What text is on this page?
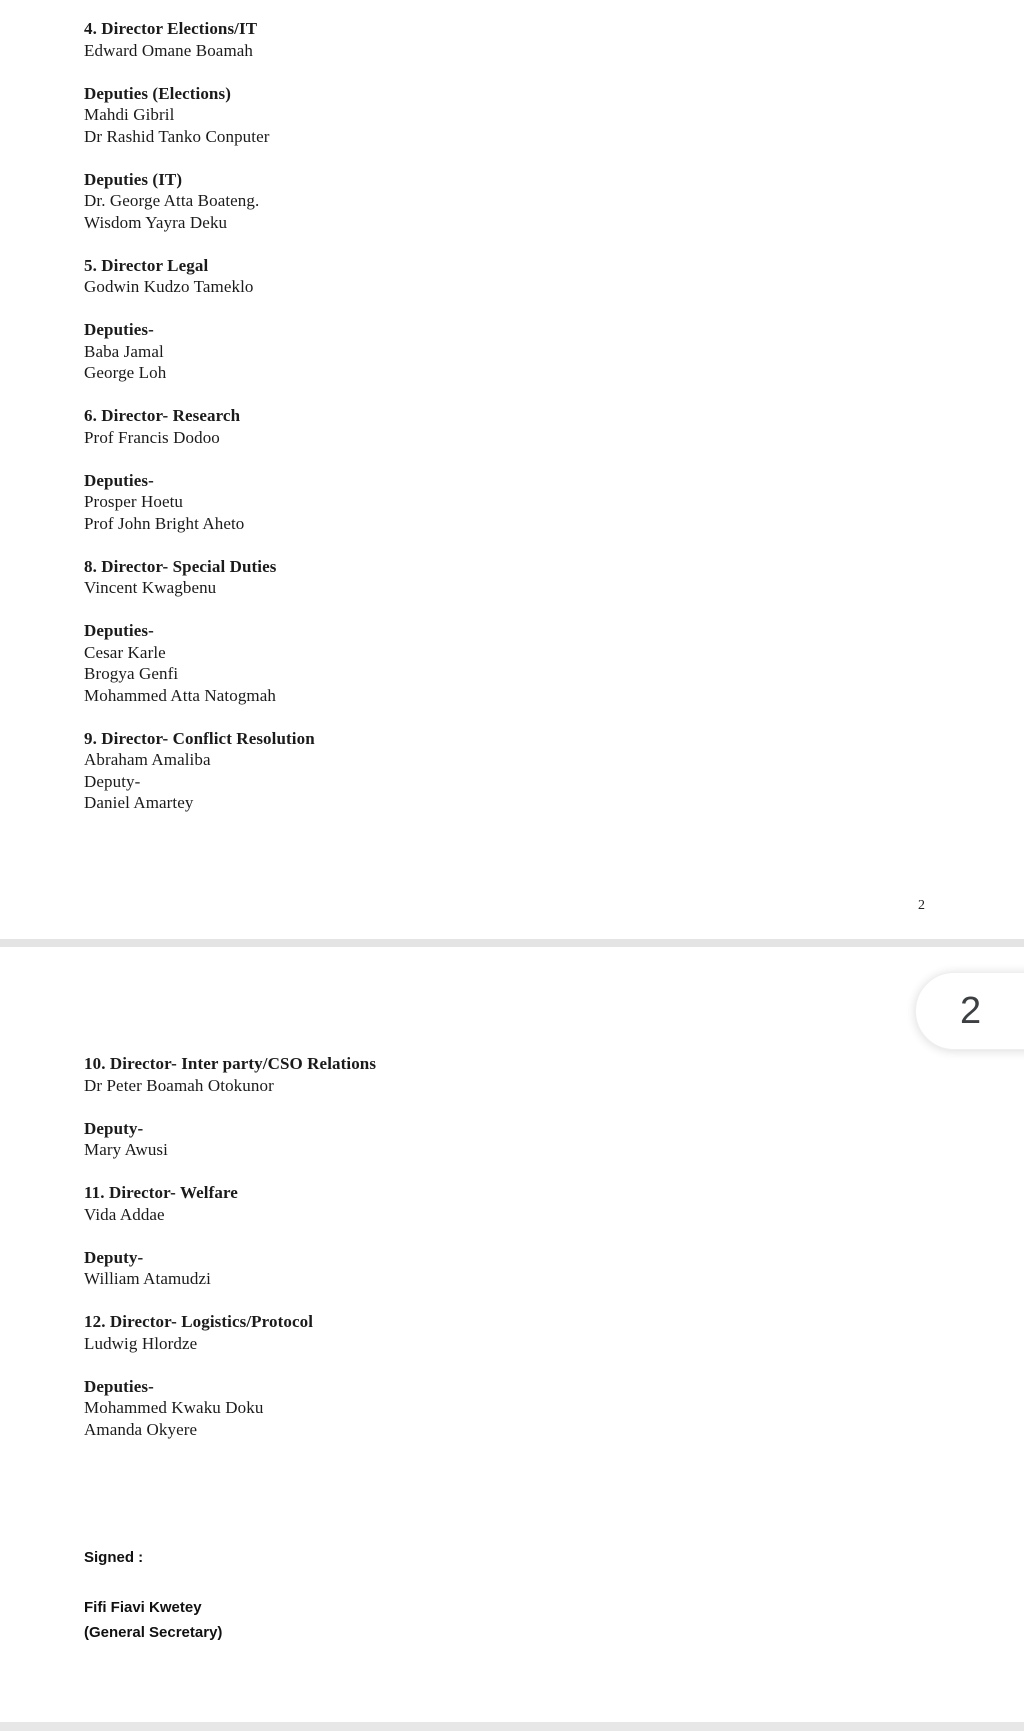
4. Director Elections/IT
Edward Omane Boamah

Deputies (Elections)
Mahdi Gibril
Dr Rashid Tanko Conputer

Deputies (IT)
Dr. George Atta Boateng.
Wisdom Yayra Deku

5. Director Legal
Godwin Kudzo Tameklo

Deputies-
Baba Jamal
George Loh

6. Director- Research
Prof Francis Dodoo

Deputies-
Prosper Hoetu
Prof John Bright Aheto

8. Director- Special Duties
Vincent Kwagbenu

Deputies-
Cesar Karle
Brogya Genfi
Mohammed Atta Natogmah

9. Director- Conflict Resolution
Abraham Amaliba
Deputy-
Daniel Amartey
2
10. Director- Inter party/CSO Relations
Dr Peter Boamah Otokunor

Deputy-
Mary Awusi

11. Director- Welfare
Vida Addae

Deputy-
William Atamudzi

12. Director- Logistics/Protocol
Ludwig Hlordze

Deputies-
Mohammed Kwaku Doku
Amanda Okyere
Signed :

Fifi Fiavi Kwetey
(General Secretary)
2
